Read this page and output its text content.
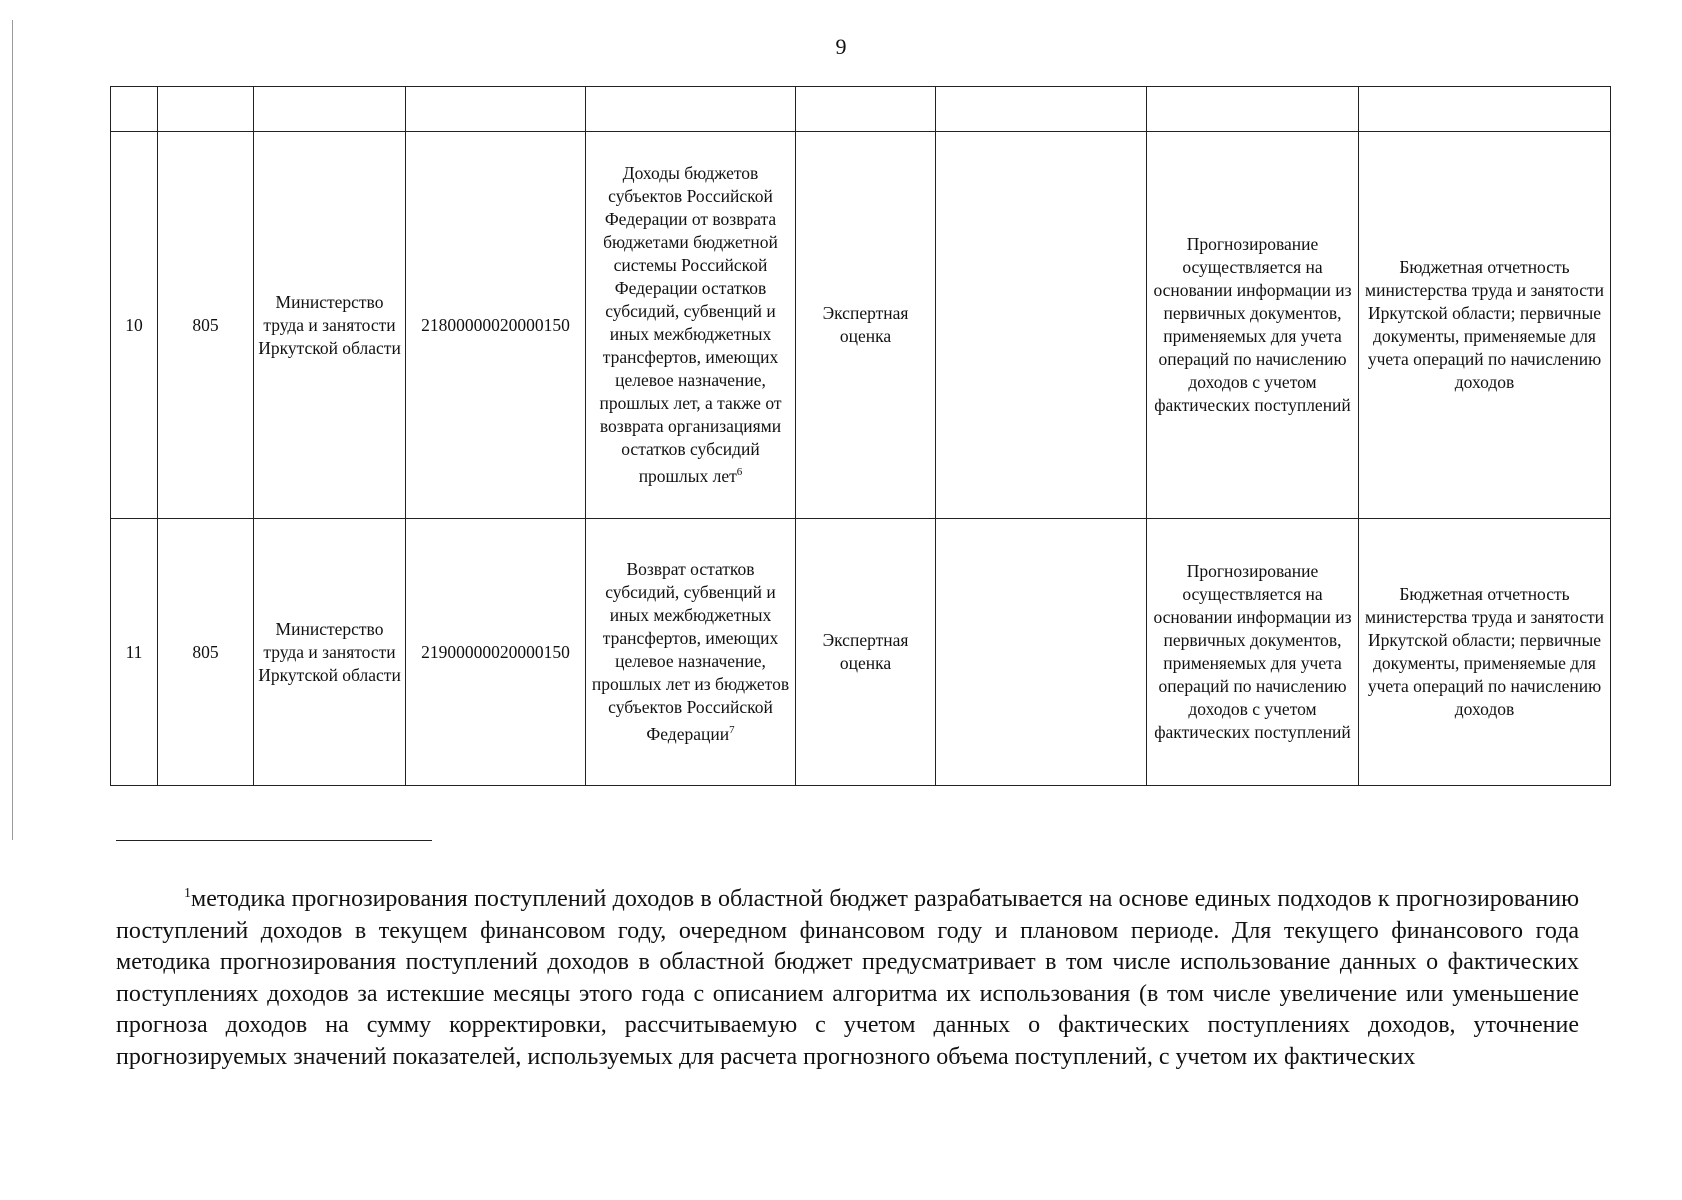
9

10	805	Министерство труда и занятости Иркутской области	21800000020000150	Доходы бюджетов субъектов Российской Федерации от возврата бюджетами бюджетной системы Российской Федерации остатков субсидий, субвенций и иных межбюджетных трансфертов, имеющих целевое назначение, прошлых лет, а также от возврата организациями остатков субсидий прошлых лет$^6$	Экспертная оценка		Прогнозирование осуществляется на основании информации из первичных документов, применяемых для учета операций по начислению доходов с учетом фактических поступлений	Бюджетная отчетность министерства труда и занятости Иркутской области; первичные документы, применяемые для учета операций по начислению доходов
11	805	Министерство труда и занятости Иркутской области	21900000020000150	Возврат остатков субсидий, субвенций и иных межбюджетных трансфертов, имеющих целевое назначение, прошлых лет из бюджетов субъектов Российской Федерации$^7$	Экспертная оценка		Прогнозирование осуществляется на основании информации из первичных документов, применяемых для учета операций по начислению доходов с учетом фактических поступлений	Бюджетная отчетность министерства труда и занятости Иркутской области; первичные документы, применяемые для учета операций по начислению доходов
$^1$методика прогнозирования поступлений доходов в областной бюджет разрабатывается на основе единых подходов к прогнозированию поступлений доходов в текущем финансовом году, очередном финансовом году и плановом периоде. Для текущего финансового года методика прогнозирования поступлений доходов в областной бюджет предусматривает в том числе использование данных о фактических поступлениях доходов за истекшие месяцы этого года с описанием алгоритма их использования (в том числе увеличение или уменьшение прогноза доходов на сумму корректировки, рассчитываемую с учетом данных о фактических поступлениях доходов, уточнение прогнозируемых значений показателей, используемых для расчета прогнозного объема поступлений, с учетом их фактических
